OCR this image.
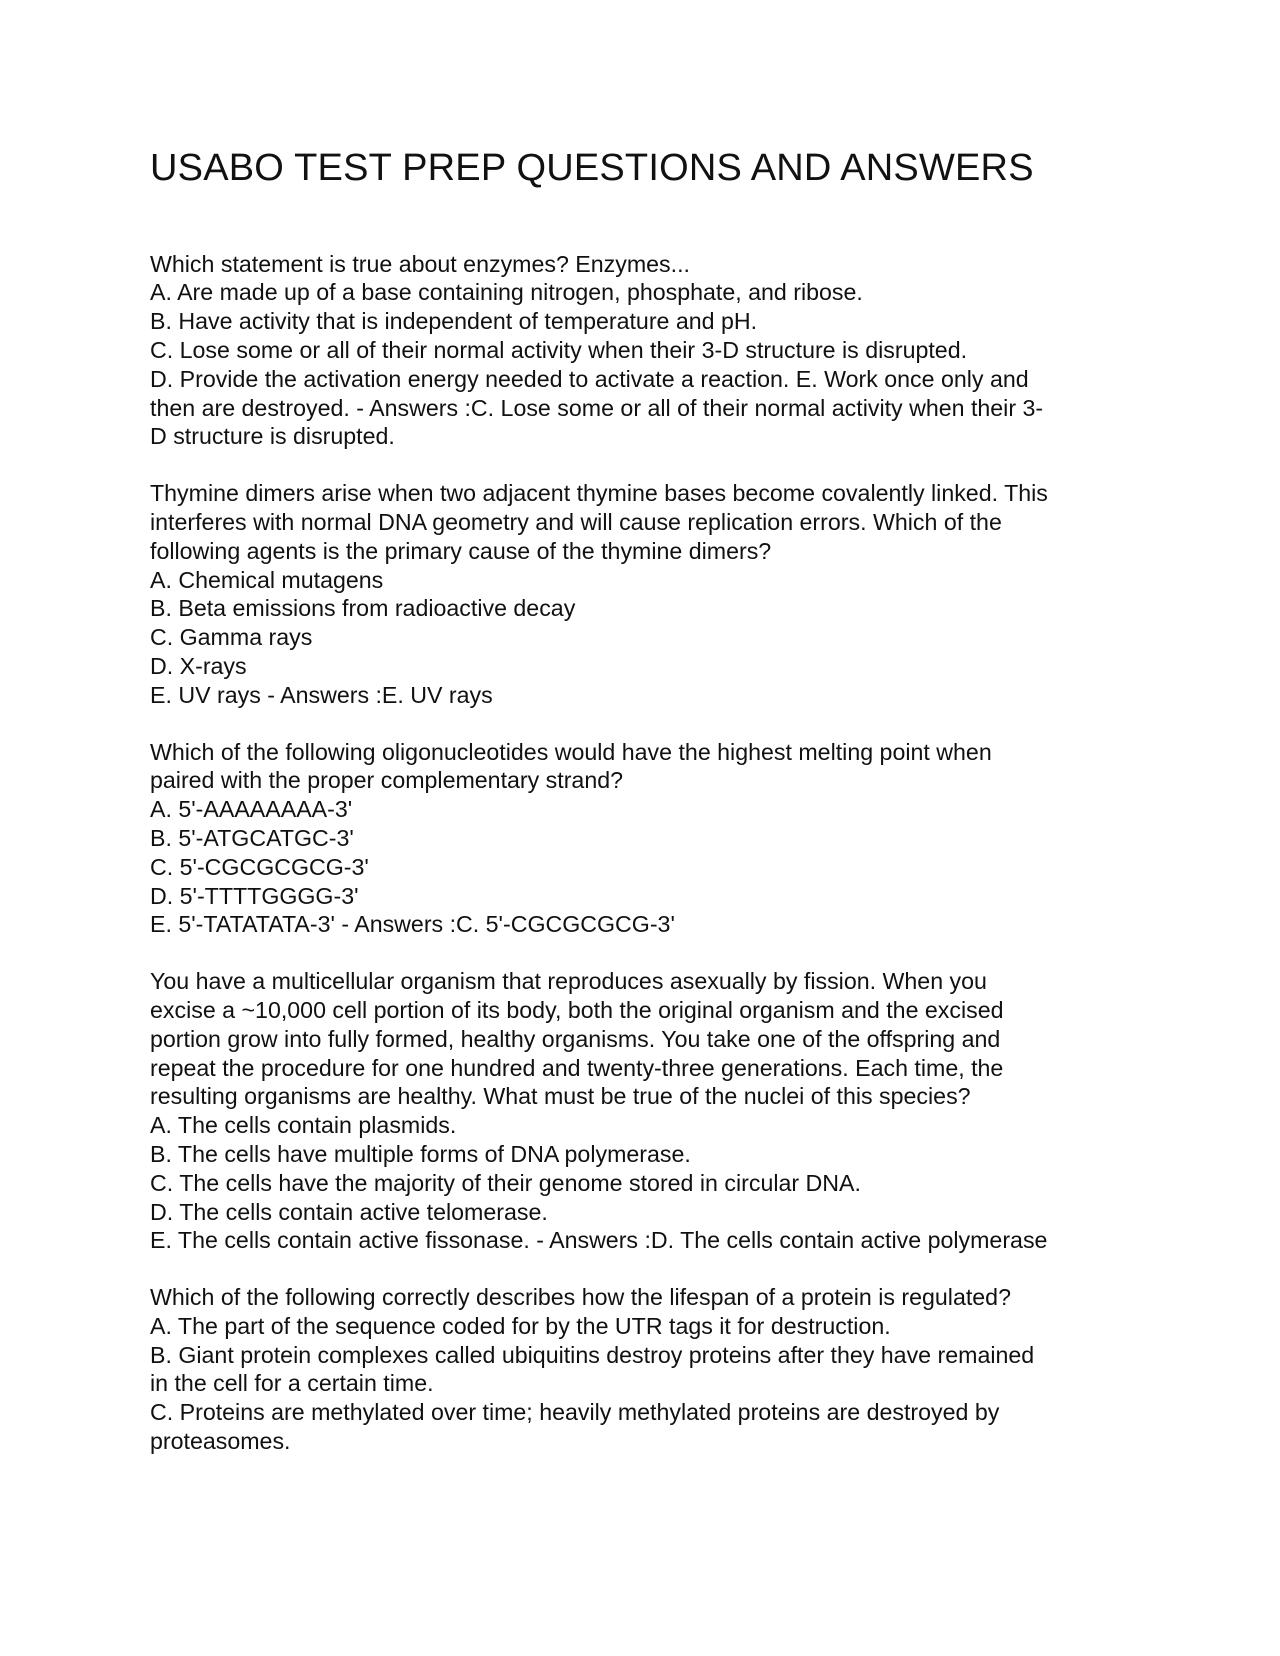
USABO TEST PREP QUESTIONS AND ANSWERS
Which statement is true about enzymes? Enzymes...
A. Are made up of a base containing nitrogen, phosphate, and ribose.
B. Have activity that is independent of temperature and pH.
C. Lose some or all of their normal activity when their 3-D structure is disrupted.
D. Provide the activation energy needed to activate a reaction. E. Work once only and
then are destroyed. - Answers :C. Lose some or all of their normal activity when their 3-
D structure is disrupted.
Thymine dimers arise when two adjacent thymine bases become covalently linked. This
interferes with normal DNA geometry and will cause replication errors. Which of the
following agents is the primary cause of the thymine dimers?
A. Chemical mutagens
B. Beta emissions from radioactive decay
C. Gamma rays
D. X-rays
E. UV rays - Answers :E. UV rays
Which of the following oligonucleotides would have the highest melting point when
paired with the proper complementary strand?
A. 5'-AAAAAAAA-3'
B. 5'-ATGCATGC-3'
C. 5'-CGCGCGCG-3'
D. 5'-TTTTGGGG-3'
E. 5'-TATATATA-3' - Answers :C. 5'-CGCGCGCG-3'
You have a multicellular organism that reproduces asexually by fission. When you
excise a ~10,000 cell portion of its body, both the original organism and the excised
portion grow into fully formed, healthy organisms. You take one of the offspring and
repeat the procedure for one hundred and twenty-three generations. Each time, the
resulting organisms are healthy. What must be true of the nuclei of this species?
A. The cells contain plasmids.
B. The cells have multiple forms of DNA polymerase.
C. The cells have the majority of their genome stored in circular DNA.
D. The cells contain active telomerase.
E. The cells contain active fissonase. - Answers :D. The cells contain active polymerase
Which of the following correctly describes how the lifespan of a protein is regulated?
A. The part of the sequence coded for by the UTR tags it for destruction.
B. Giant protein complexes called ubiquitins destroy proteins after they have remained
in the cell for a certain time.
C. Proteins are methylated over time; heavily methylated proteins are destroyed by
proteasomes.
